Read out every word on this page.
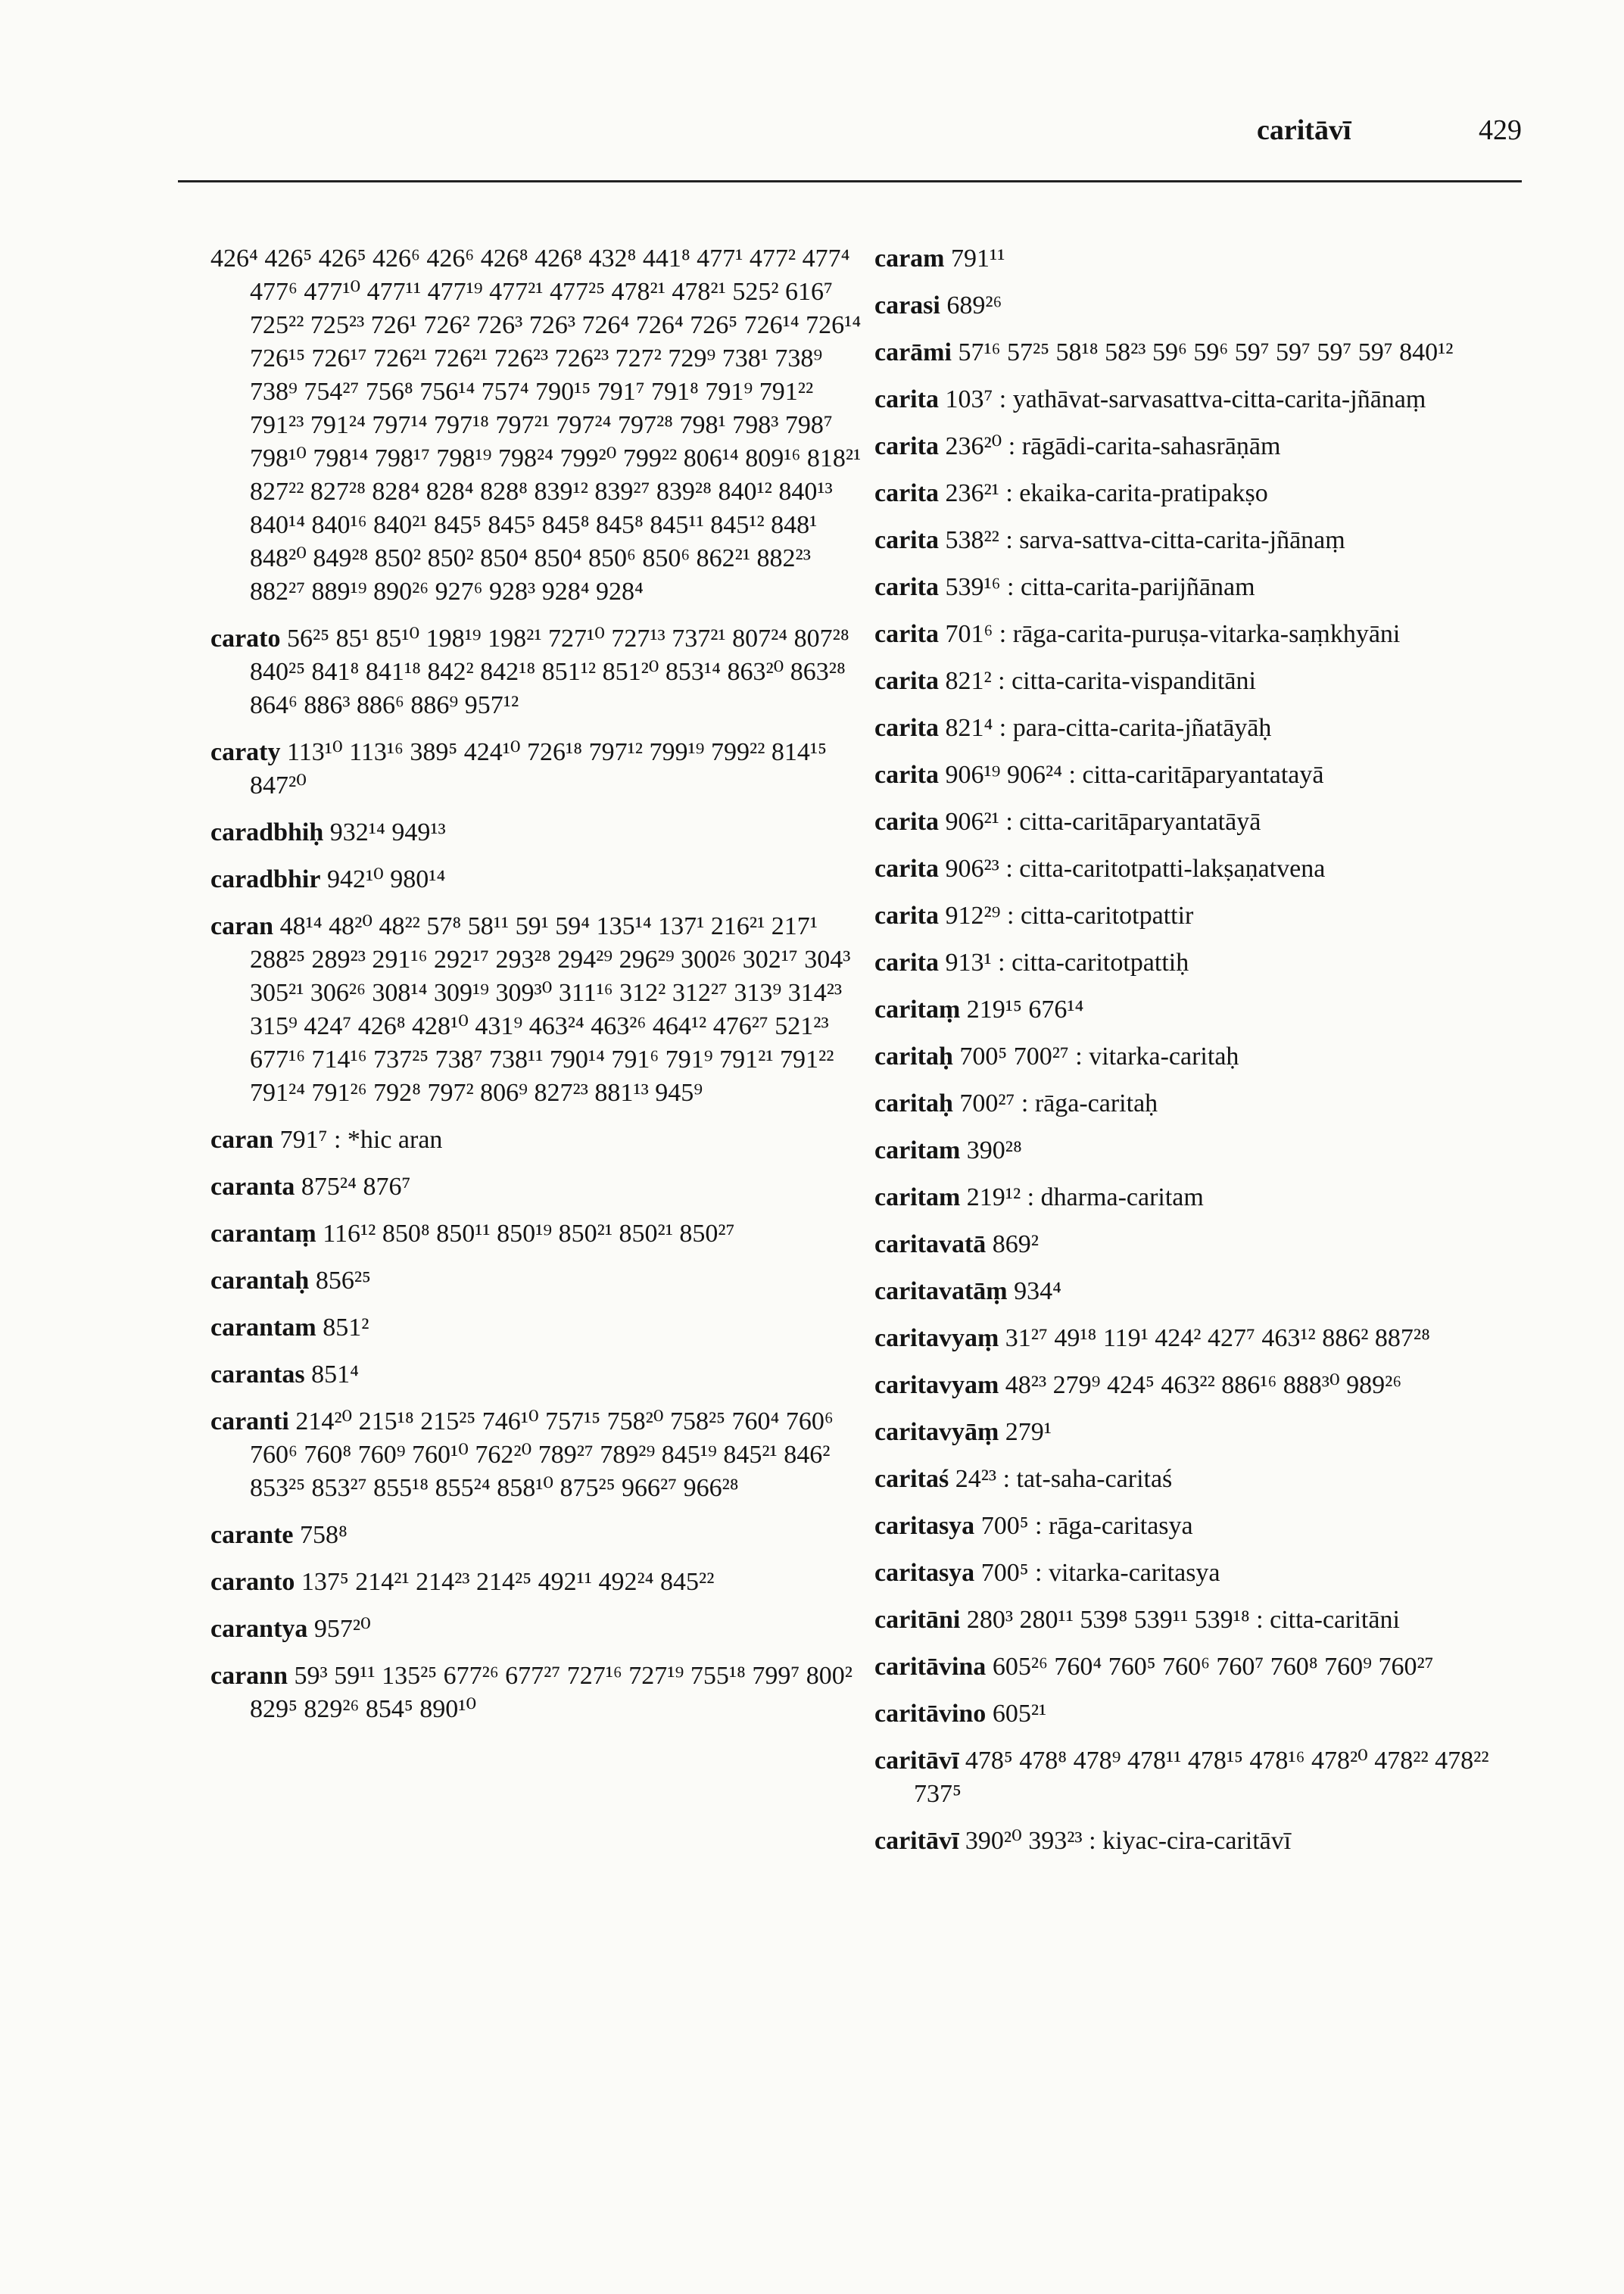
caritāvī	429
426⁴ 426⁵ 426⁵ 426⁶ 426⁶ 426⁸ 426⁸ 432⁸ 441⁸ 477¹ 477² 477⁴ 477⁶ 477¹⁰ 477¹¹ 477¹⁹ 477²¹ 477²⁵ 478²¹ 478²¹ 525² 616⁷ 725²² 725²³ 726¹ 726² 726³ 726³ 726⁴ 726⁴ 726⁵ 726¹⁴ 726¹⁴ 726¹⁵ 726¹⁷ 726²¹ 726²¹ 726²³ 726²³ 727² 729⁹ 738¹ 738⁹ 738⁹ 754²⁷ 756⁸ 756¹⁴ 757⁴ 790¹⁵ 791⁷ 791⁸ 791⁹ 791²² 791²³ 791²⁴ 797¹⁴ 797¹⁸ 797²¹ 797²⁴ 797²⁸ 798¹ 798³ 798⁷ 798¹⁰ 798¹⁴ 798¹⁷ 798¹⁹ 798²⁴ 799²⁰ 799²² 806¹⁴ 809¹⁶ 818²¹ 827²² 827²⁸ 828⁴ 828⁴ 828⁸ 839¹² 839²⁷ 839²⁸ 840¹² 840¹³ 840¹⁴ 840¹⁶ 840²¹ 845⁵ 845⁵ 845⁸ 845⁸ 845¹¹ 845¹² 848¹ 848²⁰ 849²⁸ 850² 850² 850⁴ 850⁴ 850⁶ 850⁶ 862²¹ 882²³ 882²⁷ 889¹⁹ 890²⁶ 927⁶ 928³ 928⁴ 928⁴
carato 56²⁵ 85¹ 85¹⁰ 198¹⁹ 198²¹ 727¹⁰ 727¹³ 737²¹ 807²⁴ 807²⁸ 840²⁵ 841⁸ 841¹⁸ 842² 842¹⁸ 851¹² 851²⁰ 853¹⁴ 863²⁰ 863²⁸ 864⁶ 886³ 886⁶ 886⁹ 957¹²
caraty 113¹⁰ 113¹⁶ 389⁵ 424¹⁰ 726¹⁸ 797¹² 799¹⁹ 799²² 814¹⁵ 847²⁰
caradbhiḥ 932¹⁴ 949¹³
caradbhir 942¹⁰ 980¹⁴
caran 48¹⁴ 48²⁰ 48²² 57⁸ 58¹¹ 59¹ 59⁴ 135¹⁴ 137¹ 216²¹ 217¹ 288²⁵ 289²³ 291¹⁶ 292¹⁷ 293²⁸ 294²⁹ 296²⁹ 300²⁶ 302¹⁷ 304³ 305²¹ 306²⁶ 308¹⁴ 309¹⁹ 309³⁰ 311¹⁶ 312² 312²⁷ 313⁹ 314²³ 315⁹ 424⁷ 426⁸ 428¹⁰ 431⁹ 463²⁴ 463²⁶ 464¹² 476²⁷ 521²³ 677¹⁶ 714¹⁶ 737²⁵ 738⁷ 738¹¹ 790¹⁴ 791⁶ 791⁹ 791²¹ 791²² 791²⁴ 791²⁶ 792⁸ 797² 806⁹ 827²³ 881¹³ 945⁹
caran 791⁷ : *hic aran
caranta 875²⁴ 876⁷
carantaṃ 116¹² 850⁸ 850¹¹ 850¹⁹ 850²¹ 850²¹ 850²⁷
carantaḥ 856²⁵
carantam 851²
carantas 851⁴
caranti 214²⁰ 215¹⁸ 215²⁵ 746¹⁰ 757¹⁵ 758²⁰ 758²⁵ 760⁴ 760⁶ 760⁶ 760⁸ 760⁹ 760¹⁰ 762²⁰ 789²⁷ 789²⁹ 845¹⁹ 845²¹ 846² 853²⁵ 853²⁷ 855¹⁸ 855²⁴ 858¹⁰ 875²⁵ 966²⁷ 966²⁸
carante 758⁸
caranto 137⁵ 214²¹ 214²³ 214²⁵ 492¹¹ 492²⁴ 845²²
carantya 957²⁰
carann 59³ 59¹¹ 135²⁵ 677²⁶ 677²⁷ 727¹⁶ 727¹⁹ 755¹⁸ 799⁷ 800² 829⁵ 829²⁶ 854⁵ 890¹⁰
caram 791¹¹
carasi 689²⁶
carāmi 57¹⁶ 57²⁵ 58¹⁸ 58²³ 59⁶ 59⁶ 59⁷ 59⁷ 59⁷ 59⁷ 840¹²
carita 103⁷ : yathāvat-sarvasattva-citta-carita-jñānaṃ
carita 236²⁰ : rāgādi-carita-sahasrāṇām
carita 236²¹ : ekaika-carita-pratipakṣo
carita 538²² : sarva-sattva-citta-carita-jñānaṃ
carita 539¹⁶ : citta-carita-parijñānam
carita 701⁶ : rāga-carita-puruṣa-vitarka-saṃkhyāni
carita 821² : citta-carita-vispanditāni
carita 821⁴ : para-citta-carita-jñatāyāḥ
carita 906¹⁹ 906²⁴ : citta-caritāparyantatayā
carita 906²¹ : citta-caritāparyantatāyā
carita 906²³ : citta-caritotpatti-lakṣaṇatvena
carita 912²⁹ : citta-caritotpattir
carita 913¹ : citta-caritotpattiḥ
caritaṃ 219¹⁵ 676¹⁴
caritaḥ 700⁵ 700²⁷ : vitarka-caritaḥ
caritaḥ 700²⁷ : rāga-caritaḥ
caritam 390²⁸
caritam 219¹² : dharma-caritam
caritavatā 869²
caritavatāṃ 934⁴
caritavyaṃ 31²⁷ 49¹⁸ 119¹ 424² 427⁷ 463¹² 886² 887²⁸
caritavyam 48²³ 279⁹ 424⁵ 463²² 886¹⁶ 888³⁰ 989²⁶
caritavyāṃ 279¹
caritaś 24²³ : tat-saha-caritaś
caritasya 700⁵ : rāga-caritasya
caritasya 700⁵ : vitarka-caritasya
caritāni 280³ 280¹¹ 539⁸ 539¹¹ 539¹⁸ : citta-caritāni
caritāvina 605²⁶ 760⁴ 760⁵ 760⁶ 760⁷ 760⁸ 760⁹ 760²⁷
caritāvino 605²¹
caritāvī 478⁵ 478⁸ 478⁹ 478¹¹ 478¹⁵ 478¹⁶ 478²⁰ 478²² 478²² 737⁵
caritāvī 390²⁰ 393²³ : kiyac-cira-caritāvī
